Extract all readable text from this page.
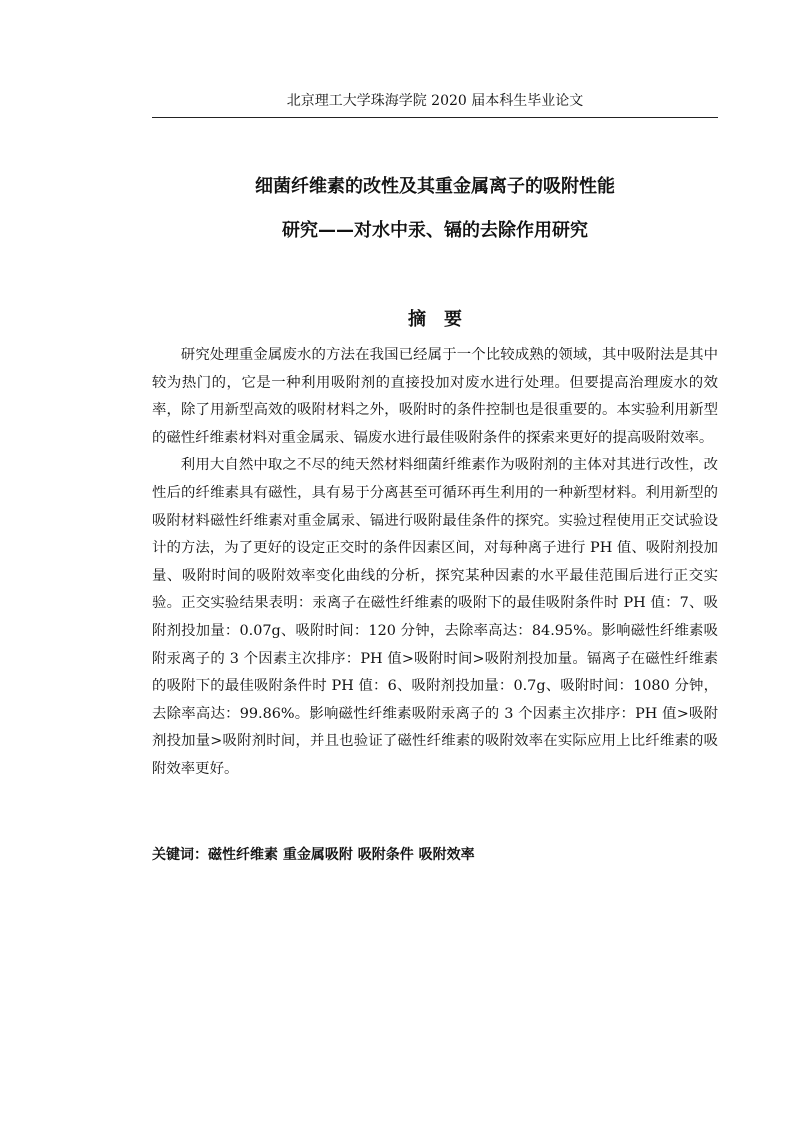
北京理工大学珠海学院 2020 届本科生毕业论文
细菌纤维素的改性及其重金属离子的吸附性能
研究——对水中汞、镉的去除作用研究
摘 要

研究处理重金属废水的方法在我国已经属于一个比较成熟的领域，其中吸附法是其中较为热门的，它是一种利用吸附剂的直接投加对废水进行处理。但要提高治理废水的效率，除了用新型高效的吸附材料之外，吸附时的条件控制也是很重要的。本实验利用新型的磁性纤维素材料对重金属汞、镉废水进行最佳吸附条件的探索来更好的提高吸附效率。

利用大自然中取之不尽的纯天然材料细菌纤维素作为吸附剂的主体对其进行改性，改性后的纤维素具有磁性，具有易于分离甚至可循环再生利用的一种新型材料。利用新型的吸附材料磁性纤维素对重金属汞、镉进行吸附最佳条件的探究。实验过程使用正交试验设计的方法，为了更好的设定正交时的条件因素区间，对每种离子进行 PH 值、吸附剂投加量、吸附时间的吸附效率变化曲线的分析，探究某种因素的水平最佳范围后进行正交实验。正交实验结果表明：汞离子在磁性纤维素的吸附下的最佳吸附条件时 PH 值：7、吸附剂投加量：0.07g、吸附时间：120 分钟，去除率高达：84.95%。影响磁性纤维素吸附汞离子的 3 个因素主次排序：PH 值>吸附时间>吸附剂投加量。镉离子在磁性纤维素的吸附下的最佳吸附条件时 PH 值：6、吸附剂投加量：0.7g、吸附时间：1080 分钟，去除率高达：99.86%。影响磁性纤维素吸附汞离子的 3 个因素主次排序：PH 值>吸附剂投加量>吸附剂时间，并且也验证了磁性纤维素的吸附效率在实际应用上比纤维素的吸附效率更好。

关键词：磁性纤维素 重金属吸附 吸附条件 吸附效率
